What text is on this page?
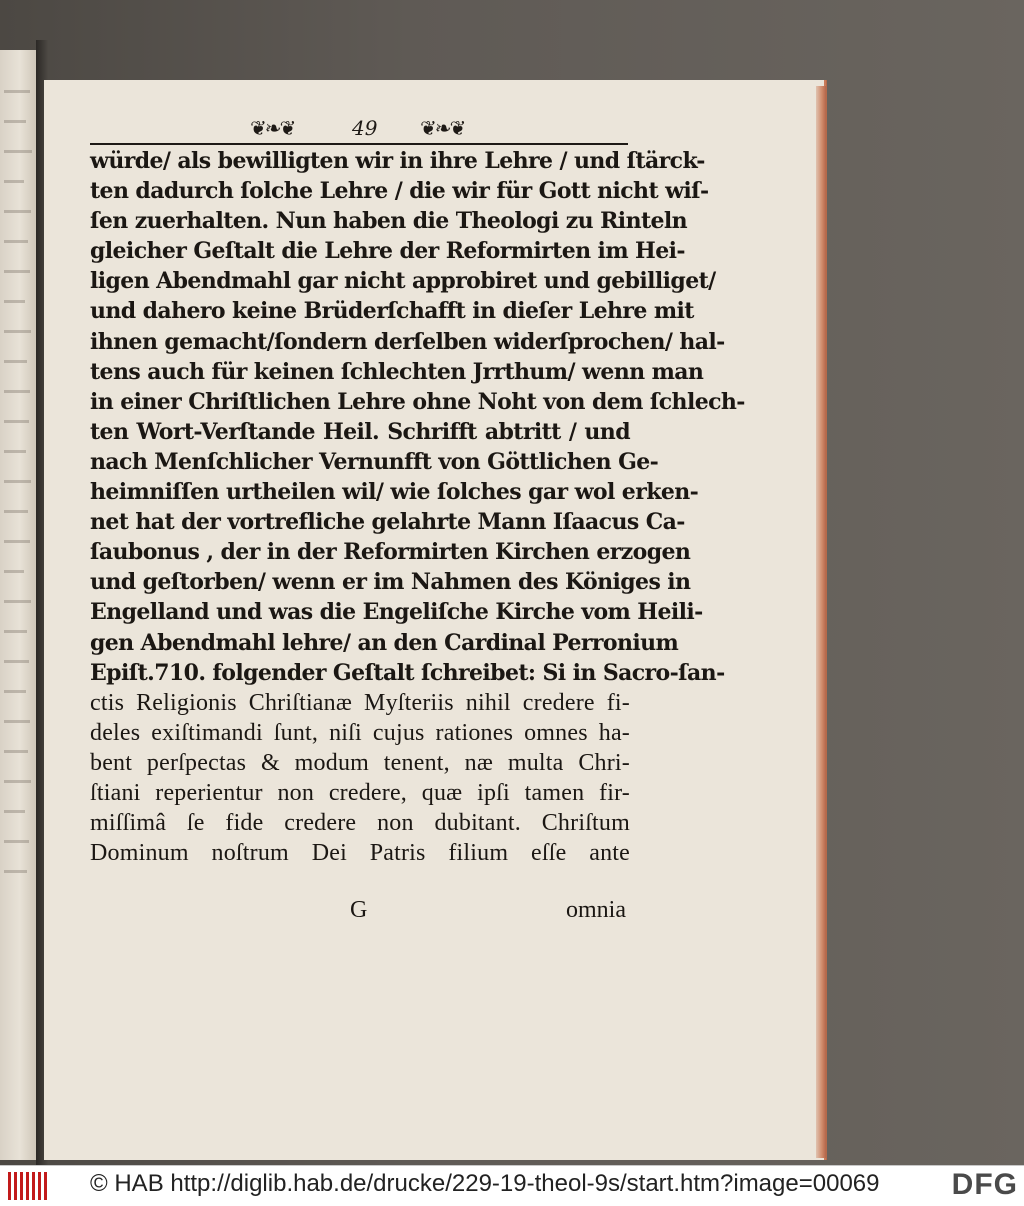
❦❧❦	49 ❦❧❦
würde/ als bewilligten wir in ihre Lehre / und ſtärck-
ten dadurch ſolche Lehre / die wir für Gott nicht wiſ-
ſen zuerhalten. Nun haben die Theologi zu Rinteln
gleicher Geſtalt die Lehre der Reformirten im Hei-
ligen Abendmahl gar nicht approbiret und gebilliget/
und dahero keine Brüderſchafft in dieſer Lehre mit
ihnen gemacht/ſondern derſelben widerſprochen/ hal-
tens auch für keinen ſchlechten Jrrthum/ wenn man
in einer Chriſtlichen Lehre ohne Noht von dem ſchlech-
ten Wort-Verſtande Heil. Schrifft abtritt / und
nach Menſchlicher Vernunfft von Göttlichen Ge-
heimniſſen urtheilen wil/ wie ſolches gar wol erken-
net hat der vortrefliche gelahrte Mann Iſaacus Ca-
ſaubonus , der in der Reformirten Kirchen erzogen
und geſtorben/ wenn er im Nahmen des Königes in
Engelland und was die Engeliſche Kirche vom Heili-
gen Abendmahl lehre/ an den Cardinal Perronium
Epiſt.710. folgender Geſtalt ſchreibet: Si in Sacro-ſan-
ctis Religionis Chriſtianæ Myſteriis nihil credere fi-
deles exiſtimandi ſunt, niſi cujus rationes omnes ha-
bent perſpectas & modum tenent, næ multa Chri-
ſtiani reperientur non credere, quæ ipſi tamen fir-
miſſimâ ſe fide credere non dubitant. Chriſtum
Dominum noſtrum Dei Patris filium eſſe ante
G	omnia
© HAB http://diglib.hab.de/drucke/229-19-theol-9s/start.htm?image=00069 DFG
